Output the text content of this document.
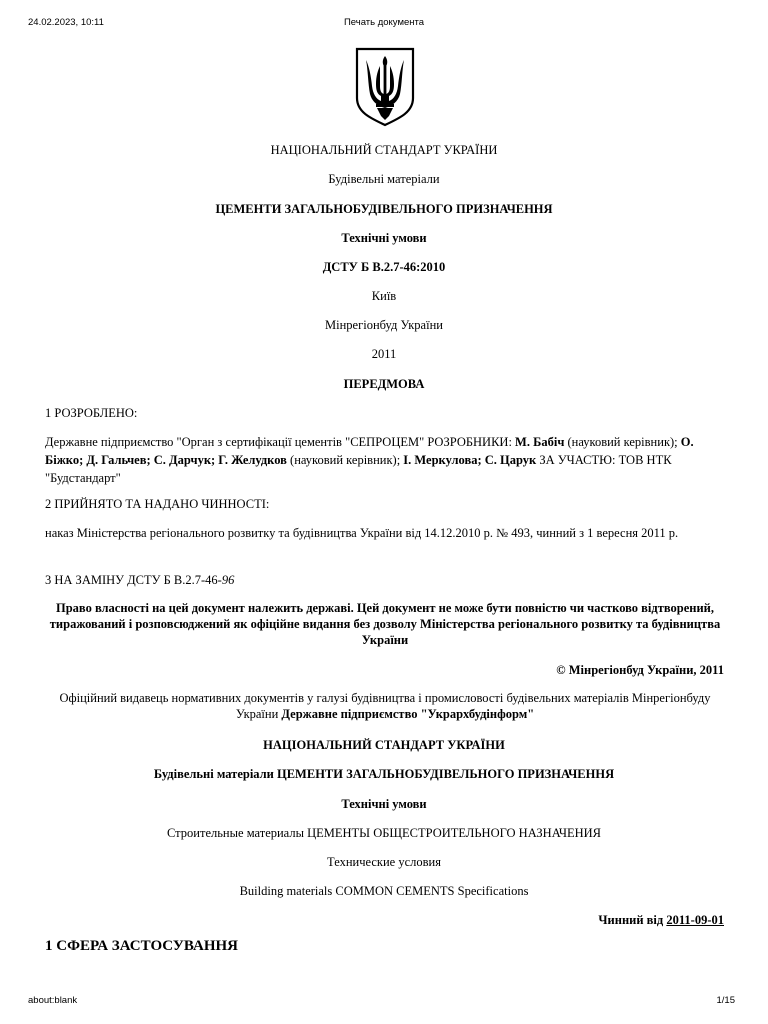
24.02.2023, 10:11	Печать документа
НАЦІОНАЛЬНИЙ СТАНДАРТ УКРАЇНИ
Будівельні матеріали
ЦЕМЕНТИ ЗАГАЛЬНОБУДІВЕЛЬНОГО ПРИЗНАЧЕННЯ
Технічні умови
ДСТУ Б В.2.7-46:2010
Київ
Мінрегіонбуд України
2011
ПЕРЕДМОВА
1 РОЗРОБЛЕНО:
Державне підприємство "Орган з сертифікації цементів "СЕПРОЦЕМ" РОЗРОБНИКИ: М. Бабіч (науковий керівник); О. Біжко; Д. Гальчев; С. Дарчук; Г. Желудков (науковий керівник); І. Меркулова; С. Царук ЗА УЧАСТЮ: ТОВ НТК "Будстандарт"
2 ПРИЙНЯТО ТА НАДАНО ЧИННОСТІ:
наказ Міністерства регіонального розвитку та будівництва України від 14.12.2010 р. № 493, чинний з 1 вересня 2011 р.
3 НА ЗАМІНУ ДСТУ Б В.2.7-46-96
Право власності на цей документ належить державі. Цей документ не може бути повністю чи частково відтворений, тиражований і розповсюджений як офіційне видання без дозволу Міністерства регіонального розвитку та будівництва України
© Мінрегіонбуд України, 2011
Офіційний видавець нормативних документів у галузі будівництва і промисловості будівельних матеріалів Мінрегіонбуду України Державне підприємство "Укрархбудінформ"
НАЦІОНАЛЬНИЙ СТАНДАРТ УКРАЇНИ
Будівельні матеріали ЦЕМЕНТИ ЗАГАЛЬНОБУДІВЕЛЬНОГО ПРИЗНАЧЕННЯ
Технічні умови
Строительные материалы ЦЕМЕНТЫ ОБЩЕСТРОИТЕЛЬНОГО НАЗНАЧЕНИЯ
Технические условия
Building materials COMMON CEMENTS Specifications
Чинний від 2011-09-01
1 СФЕРА ЗАСТОСУВАННЯ
about:blank	1/15
